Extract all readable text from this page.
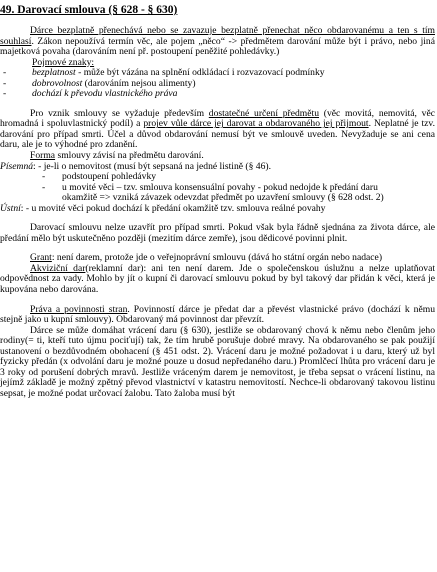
49. Darovací smlouva (§ 628 - § 630)

Dárce bezplatně přenechává nebo se zavazuje bezplatně přenechat něco obdarovanému a ten s tím souhlasí. Zákon nepoužívá termín věc, ale pojem „něco“ -> předmětem darování může být i právo, nebo jiná majetková povaha (darováním není př. postoupení peněžité pohledávky.)

Pojmové znaky:
- bezplatnost - může být vázána na splnění odkládací i rozvazovací podmínky
- dobrovolnost (darováním nejsou alimenty)
- dochází k převodu vlastnického práva

Pro vznik smlouvy se vyžaduje především dostatečné určení předmětu (věc movitá, nemovitá, věc hromadná i spoluvlastnický podíl) a projev vůle dárce jej darovat a obdarovaného jej přijmout. Neplatné je tzv. darování pro případ smrti. Účel a důvod obdarování nemusí být ve smlouvě uveden. Nevyžaduje se ani cena daru, ale je to výhodné pro zdanění.

Forma smlouvy závisí na předmětu darování.
Písemná: - je-li o nemovitost (musí být sepsaná na jedné listině (§ 46).
- podstoupení pohledávky
- u movité věci – tzv. smlouva konsensuální povahy - pokud nedojde k předání daru
okamžitě => vzniká závazek odevzdat předmět po uzavření smlouvy (§ 628 odst. 2)
Ústní: - u movité věci pokud dochází k předání okamžitě tzv. smlouva reálné povahy

Darovací smlouvu nelze uzavřít pro případ smrti. Pokud však byla řádně sjednána za života dárce, ale předání mělo být uskutečněno později (mezitím dárce zemře), jsou dědicové povinni plnit.

Grant: není darem, protože jde o veřejnoprávní smlouvu (dává ho státní orgán nebo nadace)

Akviziční dar(reklamní dar): ani ten není darem. Jde o společenskou úslužnu a nelze uplatňovat odpovědnost za vady. Mohlo by jít o kupní či darovací smlouvu pokud by byl takový dar přidán k věci, která je kupována nebo darována.

Práva a povinnosti stran. Povinností dárce je předat dar a převést vlastnické právo (dochází k němu stejně jako u kupní smlouvy). Obdarovaný má povinnost dar převzít.

Dárce se může domáhat vrácení daru (§ 630), jestliže se obdarovaný chová k němu nebo členům jeho rodiny(= ti, kteří tuto újmu pociťují) tak, že tím hrubě porušuje dobré mravy. Na obdarovaného se pak použijí ustanovení o bezdůvodném obohacení (§ 451 odst. 2). Vrácení daru je možné požadovat i u daru, který už byl fyzicky předán (x odvolání daru je možné pouze u dosud nepředaného daru.) Promlčecí lhůta pro vrácení daru je 3 roky od porušení dobrých mravů. Jestliže vráceným darem je nemovitost, je třeba sepsat o vrácení listinu, na jejímž základě je možný zpětný převod vlastnictví v katastru nemovitostí. Nechce-li obdarovaný takovou listinu sepsat, je možné podat určovací žalobu. Tato žaloba musí být
